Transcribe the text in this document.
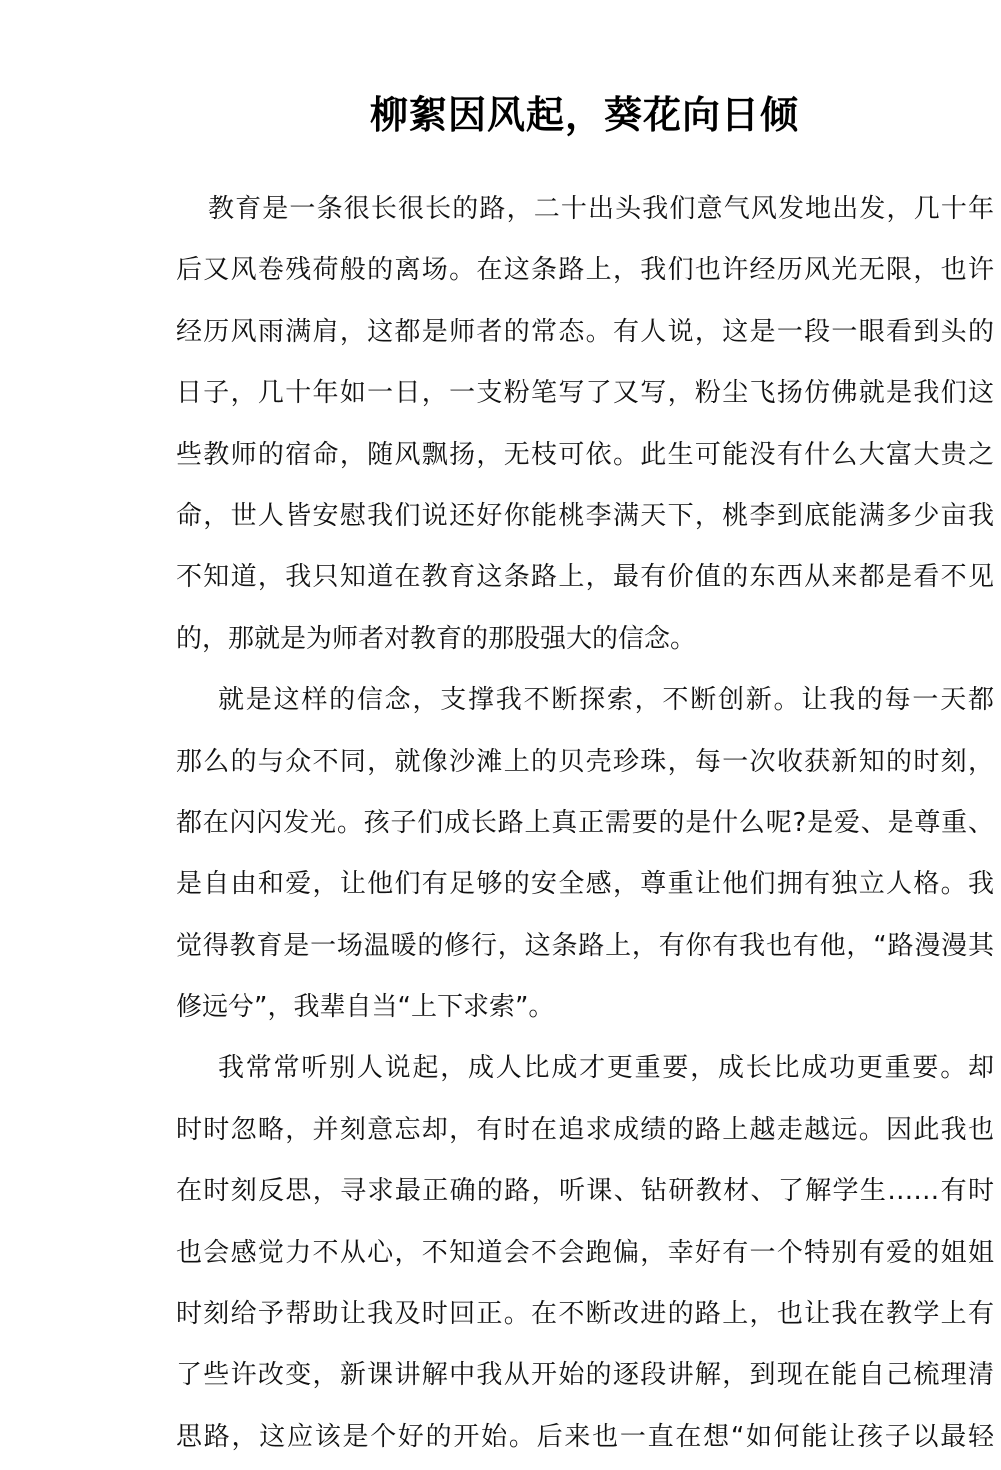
柳絮因风起，葵花向日倾
教育是一条很长很长的路，二十出头我们意气风发地出发，几十年
后又风卷残荷般的离场。在这条路上，我们也许经历风光无限，也许
经历风雨满肩，这都是师者的常态。有人说，这是一段一眼看到头的
日子，几十年如一日，一支粉笔写了又写，粉尘飞扬仿佛就是我们这
些教师的宿命，随风飘扬，无枝可依。此生可能没有什么大富大贵之
命，世人皆安慰我们说还好你能桃李满天下，桃李到底能满多少亩我
不知道，我只知道在教育这条路上，最有价值的东西从来都是看不见
的，那就是为师者对教育的那股强大的信念。
就是这样的信念，支撑我不断探索，不断创新。让我的每一天都
那么的与众不同，就像沙滩上的贝壳珍珠，每一次收获新知的时刻，
都在闪闪发光。孩子们成长路上真正需要的是什么呢?是爱、是尊重、
是自由和爱，让他们有足够的安全感，尊重让他们拥有独立人格。我
觉得教育是一场温暖的修行，这条路上，有你有我也有他，“路漫漫其
修远兮”，我辈自当“上下求索”。
我常常听别人说起，成人比成才更重要，成长比成功更重要。却
时时忽略，并刻意忘却，有时在追求成绩的路上越走越远。因此我也
在时刻反思，寻求最正确的路，听课、钻研教材、了解学生……有时
也会感觉力不从心，不知道会不会跑偏，幸好有一个特别有爱的姐姐
时刻给予帮助让我及时回正。在不断改进的路上，也让我在教学上有
了些许改变，新课讲解中我从开始的逐段讲解，到现在能自己梳理清
思路，这应该是个好的开始。后来也一直在想“如何能让孩子以最轻
